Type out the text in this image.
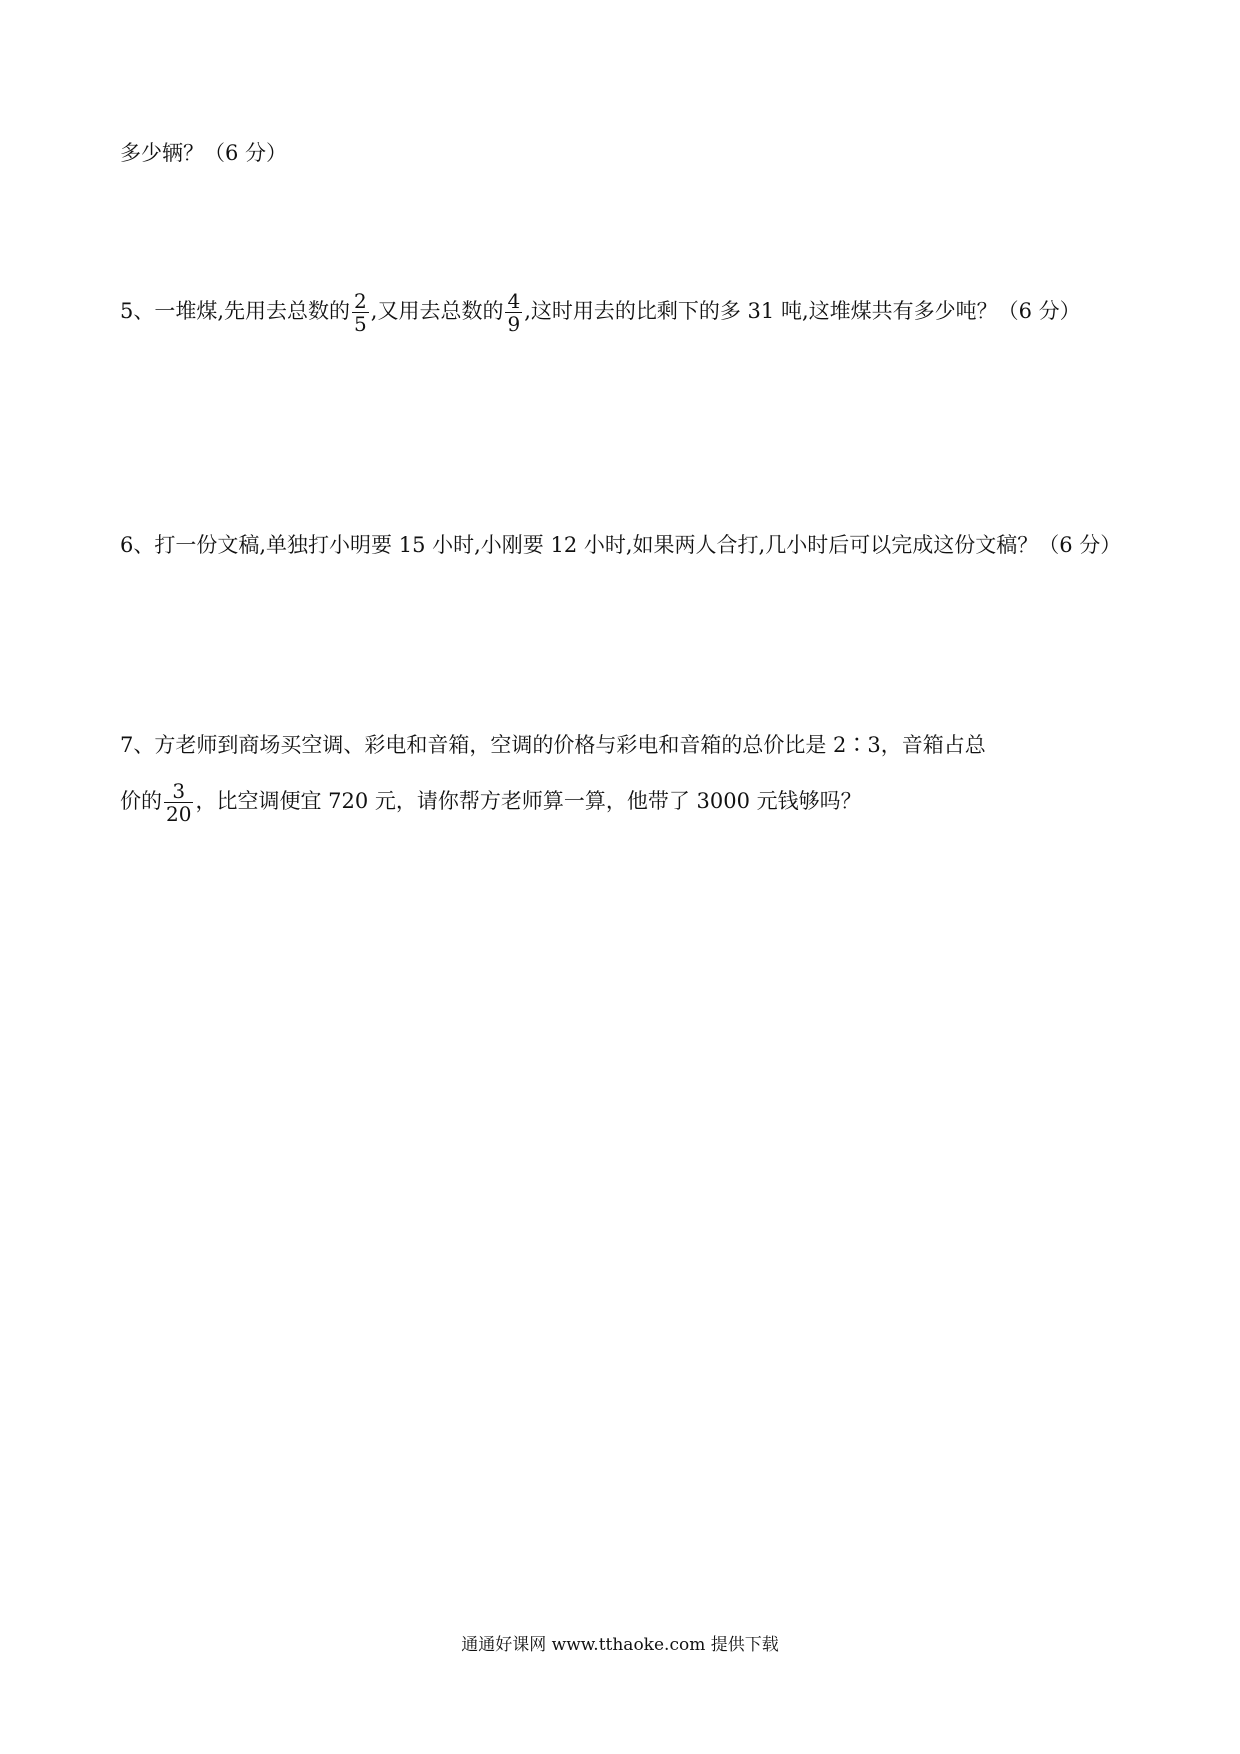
多少辆？（6 分）
5、一堆煤,先用去总数的 $\frac{2}{5}$ ,又用去总数的 $\frac{4}{9}$ ,这时用去的比剩下的多 31 吨,这堆煤共有多少吨？（6 分）
6、打一份文稿,单独打小明要 15 小时,小刚要 12 小时,如果两人合打,几小时后可以完成这份文稿？（6 分）
7、方老师到商场买空调、彩电和音箱，空调的价格与彩电和音箱的总价比是 2∶3，音箱占总
价的 $\frac{3}{20}$ ，比空调便宜 720 元，请你帮方老师算一算，他带了 3000 元钱够吗？
通通好课网 www.tthaoke.com 提供下载
